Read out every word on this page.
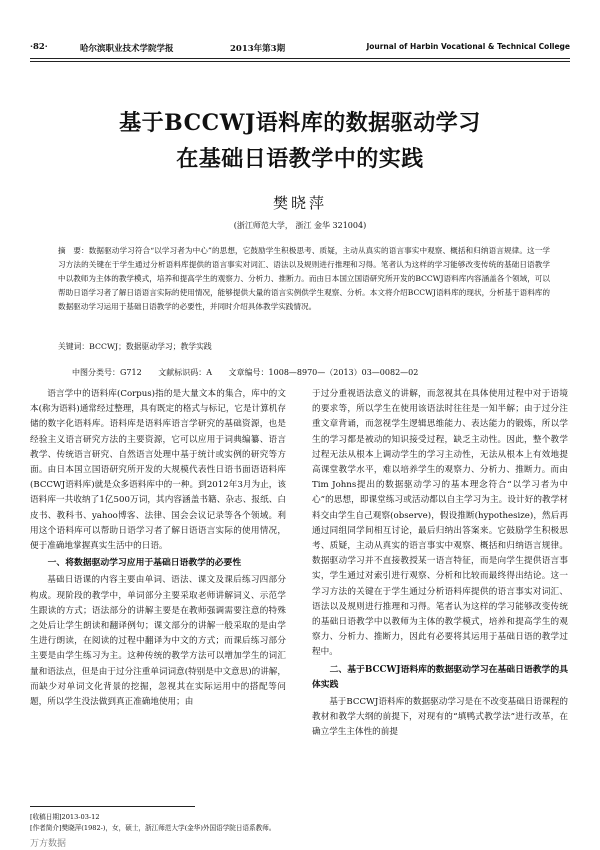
·82·	哈尔滨职业技术学院学报	2013年第3期	Journal of Harbin Vocational & Technical College
基于BCCWJ语料库的数据驱动学习
在基础日语教学中的实践
樊晓萍
(浙江师范大学， 浙江 金华 321004)
摘　要：数据驱动学习符合“以学习者为中心”的思想，它鼓励学生积极思考、质疑，主动从真实的语言事实中观察、概括和归纳语言规律。这一学习方法的关键在于学生通过分析语料库提供的语言事实对词汇、语法以及规则进行推理和习得。笔者认为这样的学习能够改变传统的基础日语教学中以教师为主体的教学模式，培养和提高学生的观察力、分析力、推断力。而由日本国立国语研究所开发的BCCWJ语料库内容涵盖各个领域，可以帮助日语学习者了解日语语言实际的使用情况，能够提供大量的语言实例供学生观察、分析。本文将介绍BCCWJ语料库的现状，分析基于语料库的数据驱动学习运用于基础日语教学的必要性，并同时介绍具体教学实践情况。
关键词：BCCWJ；数据驱动学习；教学实践
中图分类号：G712 文献标识码：A 文章编号：1008—8970—（2013）03—0082—02

语言学中的语料库(Corpus)指的是大量文本的集合，库中的文本(称为语料)通常经过整理，具有既定的格式与标记，它是计算机存储的数字化语料库。语料库是语料库语言学研究的基础资源，也是经验主义语言研究方法的主要资源，它可以应用于词典编纂、语言教学、传统语言研究、自然语言处理中基于统计或实例的研究等方面。由日本国立国语研究所开发的大规模代表性日语书面语语料库(BCCWJ语料库)就是众多语料库中的一种。到2012年3月为止，该语料库一共收纳了1亿500万词，其内容涵盖书籍、杂志、报纸、白皮书、教科书、yahoo博客、法律、国会会议记录等各个领域。利用这个语料库可以帮助日语学习者了解日语语言实际的使用情况，便于准确地掌握真实生活中的日语。

一、将数据驱动学习应用于基础日语教学的必要性

基础日语课的内容主要由单词、语法、课文及课后练习四部分构成。现阶段的教学中，单词部分主要采取老师讲解词义、示范学生跟读的方式；语法部分的讲解主要是在教师强调需要注意的特殊之处后让学生朗读和翻译例句；课文部分的讲解一般采取的是由学生进行朗读，在阅读的过程中翻译为中文的方式；而课后练习部分主要是由学生练习为主。这种传统的教学方法可以增加学生的词汇量和语法点，但是由于过分注重单词词意(特别是中文意思)的讲解，而缺少对单词文化背景的挖掘，忽视其在实际运用中的搭配等问题，所以学生没法做到真正准确地使用；由

于过分重视语法意义的讲解，而忽视其在具体使用过程中对于语境的要求等，所以学生在使用该语法时往往是一知半解；由于过分注重文章背诵，而忽视学生逻辑思维能力、表达能力的锻炼，所以学生的学习都是被动的知识接受过程，缺乏主动性。因此，整个教学过程无法从根本上调动学生的学习主动性，无法从根本上有效地提高课堂教学水平，难以培养学生的观察力、分析力、推断力。而由Tim Johns提出的数据驱动学习的基本理念符合“以学习者为中心”的思想，即课堂练习或活动都以自主学习为主。设计好的教学材料交由学生自己观察(observe)，假设推断(hypothesize)，然后再通过同组同学间相互讨论，最后归纳出答案来。它鼓励学生积极思考、质疑，主动从真实的语言事实中观察、概括和归纳语言规律。数据驱动学习并不直接教授某一语言特征，而是向学生提供语言事实，学生通过对索引进行观察、分析和比较而最终得出结论。这一学习方法的关键在于学生通过分析语料库提供的语言事实对词汇、语法以及规则进行推理和习得。笔者认为这样的学习能够改变传统的基础日语教学中以教师为主体的教学模式，培养和提高学生的观察力、分析力、推断力，因此有必要将其运用于基础日语的教学过程中。

二、基于BCCWJ语料库的数据驱动学习在基础日语教学的具体实践

基于BCCWJ语料库的数据驱动学习是在不改变基础日语课程的教材和教学大纲的前提下，对现有的“填鸭式教学法”进行改革，在确立学生主体性的前提

[收稿日期]2013-03-12
[作者简介]樊晓萍(1982-)，女，硕士，浙江师范大学(金华)外国语学院日语系教师。
万方数据
